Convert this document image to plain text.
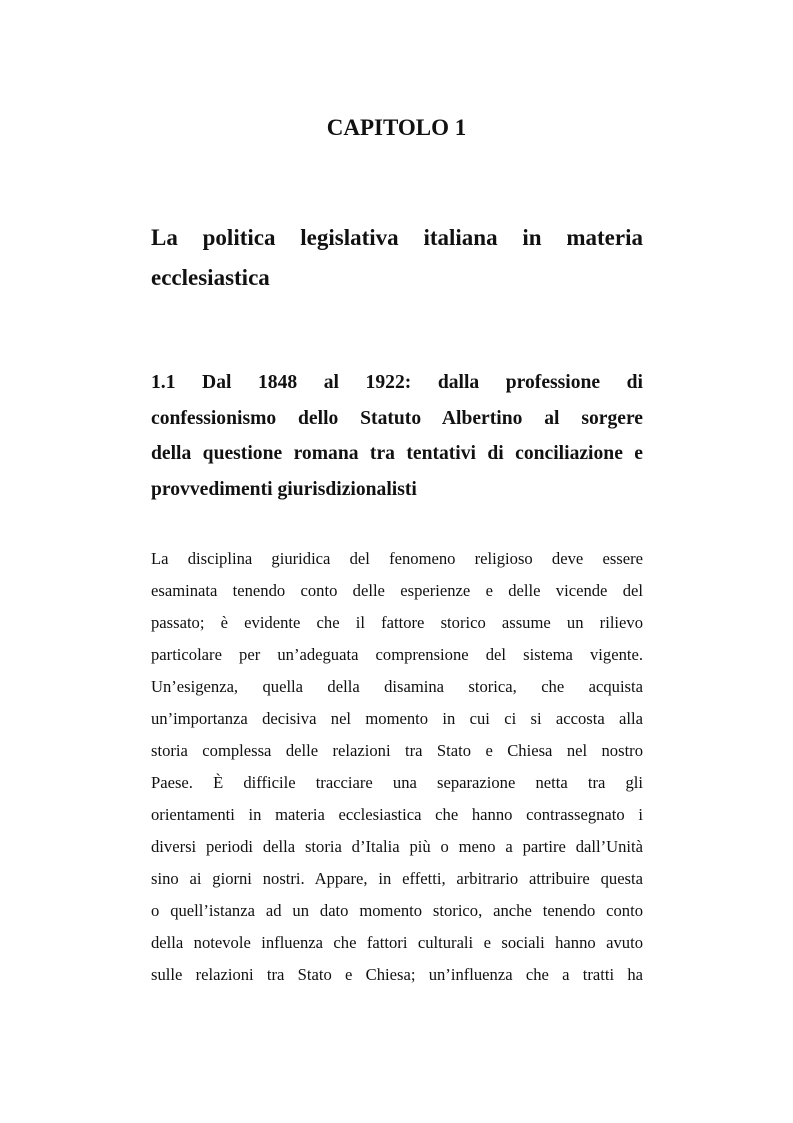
CAPITOLO 1
La politica legislativa italiana in materia
ecclesiastica
1.1 Dal 1848 al 1922: dalla professione di
confessionismo dello Statuto Albertino al sorgere
della questione romana tra tentativi di conciliazione e
provvedimenti giurisdizionalisti
La disciplina giuridica del fenomeno religioso deve essere
esaminata tenendo conto delle esperienze e delle vicende del
passato; è evidente che il fattore storico assume un rilievo
particolare per un’adeguata comprensione del sistema vigente.
Un’esigenza, quella della disamina storica, che acquista
un’importanza decisiva nel momento in cui ci si accosta alla
storia complessa delle relazioni tra Stato e Chiesa nel nostro
Paese. È difficile tracciare una separazione netta tra gli
orientamenti in materia ecclesiastica che hanno contrassegnato i
diversi periodi della storia d’Italia più o meno a partire dall’Unità
sino ai giorni nostri. Appare, in effetti, arbitrario attribuire questa
o quell’istanza ad un dato momento storico, anche tenendo conto
della notevole influenza che fattori culturali e sociali hanno avuto
sulle relazioni tra Stato e Chiesa; un’influenza che a tratti ha
